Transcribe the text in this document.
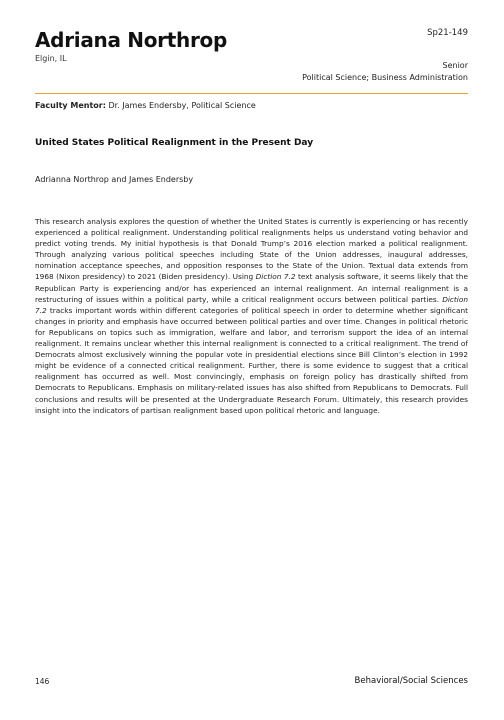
Adriana Northrop	Sp21-149
Elgin, IL
Senior
Political Science; Business Administration
Faculty Mentor: Dr. James Endersby, Political Science
United States Political Realignment in the Present Day
Adrianna Northrop and James Endersby

This research analysis explores the question of whether the United States is currently is experiencing or has recently experienced a political realignment. Understanding political realignments helps us understand voting behavior and predict voting trends. My initial hypothesis is that Donald Trump’s 2016 election marked a political realignment. Through analyzing various political speeches including State of the Union addresses, inaugural addresses, nomination acceptance speeches, and opposition responses to the State of the Union. Textual data extends from 1968 (Nixon presidency) to 2021 (Biden presidency). Using Diction 7.2 text analysis software, it seems likely that the Republican Party is experiencing and/or has experienced an internal realignment. An internal realignment is a restructuring of issues within a political party, while a critical realignment occurs between political parties. Diction 7.2 tracks important words within different categories of political speech in order to determine whether significant changes in priority and emphasis have occurred between political parties and over time. Changes in political rhetoric for Republicans on topics such as immigration, welfare and labor, and terrorism support the idea of an internal realignment. It remains unclear whether this internal realignment is connected to a critical realignment. The trend of Democrats almost exclusively winning the popular vote in presidential elections since Bill Clinton’s election in 1992 might be evidence of a connected critical realignment. Further, there is some evidence to suggest that a critical realignment has occurred as well. Most convincingly, emphasis on foreign policy has drastically shifted from Democrats to Republicans. Emphasis on military-related issues has also shifted from Republicans to Democrats. Full conclusions and results will be presented at the Undergraduate Research Forum. Ultimately, this research provides insight into the indicators of partisan realignment based upon political rhetoric and language.

146	Behavioral/Social Sciences
